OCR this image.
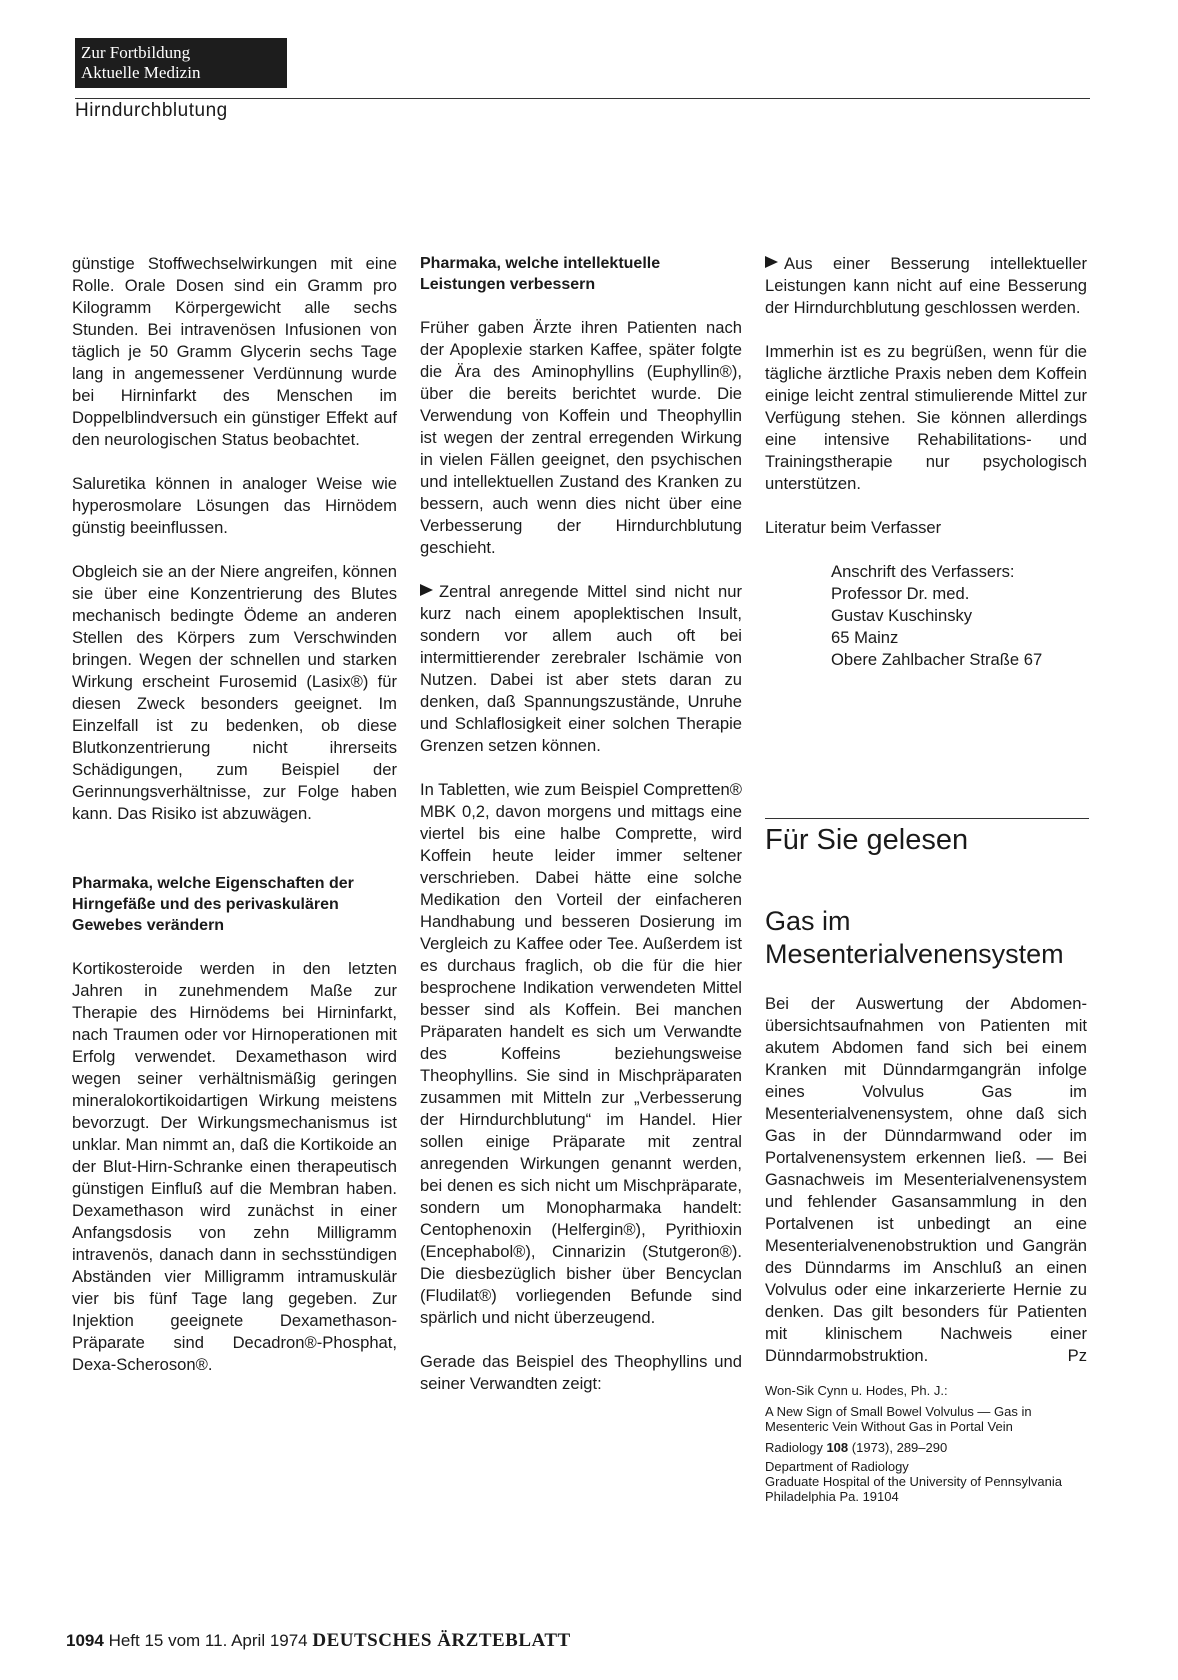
Zur Fortbildung
Aktuelle Medizin
Hirndurchblutung

günstige Stoffwechselwirkungen mit eine Rolle. Orale Dosen sind ein Gramm pro Kilogramm Körpergewicht alle sechs Stunden. Bei intravenösen Infusionen von täglich je 50 Gramm Glycerin sechs Tage lang in angemessener Verdünnung wurde bei Hirninfarkt des Menschen im Doppelblindversuch ein günstiger Effekt auf den neurologischen Status beobachtet.

Saluretika können in analoger Weise wie hyperosmolare Lösungen das Hirnödem günstig beeinflussen.

Obgleich sie an der Niere angreifen, können sie über eine Konzentrierung des Blutes mechanisch bedingte Ödeme an anderen Stellen des Körpers zum Verschwinden bringen. Wegen der schnellen und starken Wirkung erscheint Furosemid (Lasix®) für diesen Zweck besonders geeignet. Im Einzelfall ist zu bedenken, ob diese Blutkonzentrierung nicht ihrerseits Schädigungen, zum Beispiel der Gerinnungsverhältnisse, zur Folge haben kann. Das Risiko ist abzuwägen.

Pharmaka, welche Eigenschaften der Hirngefäße und des perivaskulären Gewebes verändern

Kortikosteroide werden in den letzten Jahren in zunehmendem Maße zur Therapie des Hirnödems bei Hirninfarkt, nach Traumen oder vor Hirnoperationen mit Erfolg verwendet. Dexamethason wird wegen seiner verhältnismäßig geringen mineralokortikoidartigen Wirkung meistens bevorzugt. Der Wirkungsmechanismus ist unklar. Man nimmt an, daß die Kortikoide an der Blut-Hirn-Schranke einen therapeutisch günstigen Einfluß auf die Membran haben. Dexamethason wird zunächst in einer Anfangsdosis von zehn Milligramm intravenös, danach dann in sechsstündigen Abständen vier Milligramm intramuskulär vier bis fünf Tage lang gegeben. Zur Injektion geeignete Dexamethason-Präparate sind Decadron®-Phosphat, Dexa-Scheroson®.

Pharmaka, welche intellektuelle Leistungen verbessern

Früher gaben Ärzte ihren Patienten nach der Apoplexie starken Kaffee, später folgte die Ära des Aminophyllins (Euphyllin®), über die bereits berichtet wurde. Die Verwendung von Koffein und Theophyllin ist wegen der zentral erregenden Wirkung in vielen Fällen geeignet, den psychischen und intellektuellen Zustand des Kranken zu bessern, auch wenn dies nicht über eine Verbesserung der Hirndurchblutung geschieht.

Zentral anregende Mittel sind nicht nur kurz nach einem apoplektischen Insult, sondern vor allem auch oft bei intermittierender zerebraler Ischämie von Nutzen. Dabei ist aber stets daran zu denken, daß Spannungszustände, Unruhe und Schlaflosigkeit einer solchen Therapie Grenzen setzen können.

In Tabletten, wie zum Beispiel Compretten® MBK 0,2, davon morgens und mittags eine viertel bis eine halbe Comprette, wird Koffein heute leider immer seltener verschrieben. Dabei hätte eine solche Medikation den Vorteil der einfacheren Handhabung und besseren Dosierung im Vergleich zu Kaffee oder Tee. Außerdem ist es durchaus fraglich, ob die für die hier besprochene Indikation verwendeten Mittel besser sind als Koffein. Bei manchen Präparaten handelt es sich um Verwandte des Koffeins beziehungsweise Theophyllins. Sie sind in Mischpräparaten zusammen mit Mitteln zur „Verbesserung der Hirndurchblutung“ im Handel. Hier sollen einige Präparate mit zentral anregenden Wirkungen genannt werden, bei denen es sich nicht um Mischpräparate, sondern um Monopharmaka handelt: Centophenoxin (Helfergin®), Pyrithioxin (Encephabol®), Cinnarizin (Stutgeron®). Die diesbezüglich bisher über Bencyclan (Fludilat®) vorliegenden Befunde sind spärlich und nicht überzeugend.

Gerade das Beispiel des Theophyllins und seiner Verwandten zeigt:

Aus einer Besserung intellektueller Leistungen kann nicht auf eine Besserung der Hirndurchblutung geschlossen werden.

Immerhin ist es zu begrüßen, wenn für die tägliche ärztliche Praxis neben dem Koffein einige leicht zentral stimulierende Mittel zur Verfügung stehen. Sie können allerdings eine intensive Rehabilitations- und Trainingstherapie nur psychologisch unterstützen.

Literatur beim Verfasser

Anschrift des Verfassers:
Professor Dr. med.
Gustav Kuschinsky
65 Mainz
Obere Zahlbacher Straße 67
Für Sie gelesen
Gas im Mesenterialvenensystem

Bei der Auswertung der Abdomenübersichtsaufnahmen von Patienten mit akutem Abdomen fand sich bei einem Kranken mit Dünndarmgangrän infolge eines Volvulus Gas im Mesenterialvenensystem, ohne daß sich Gas in der Dünndarmwand oder im Portalvenensystem erkennen ließ. — Bei Gasnachweis im Mesenterialvenensystem und fehlender Gasansammlung in den Portalvenen ist unbedingt an eine Mesenterialvenenobstruktion und Gangrän des Dünndarms im Anschluß an einen Volvulus oder eine inkarzerierte Hernie zu denken. Das gilt besonders für Patienten mit klinischem Nachweis einer Dünndarmobstruktion.	Pz

Won-Sik Cynn u. Hodes, Ph. J.:
A New Sign of Small Bowel Volvulus — Gas in Mesenteric Vein Without Gas in Portal Vein
Radiology 108 (1973), 289–290
Department of Radiology
Graduate Hospital of the University of Pennsylvania
Philadelphia Pa. 19104
1094 Heft 15 vom 11. April 1974 DEUTSCHES ÄRZTEBLATT
